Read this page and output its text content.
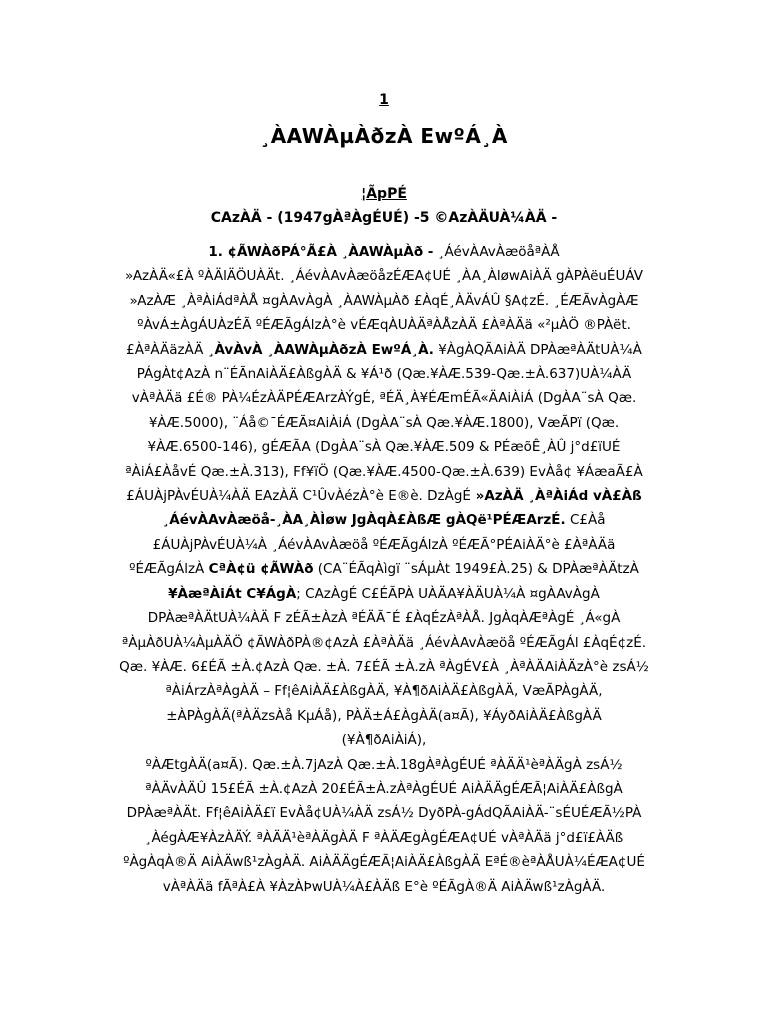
1
¸ÀAWÀµÀðzÀ EwºÁ¸À
¦ÃpPÉ
CAzÀÄ - (1947gÀªÀgÉUÉ) -5 ©AzÀÄUÀ¼ÀÄ -
1. ¢ÃWÀðPÁ°Ã£À ¸ÀAWÀµÀð - ¸ÁévÀAvÀæöåªÀÅ
»AzÀÄ«£À ºÀÄlÄÖUÀÄt. ¸ÁévÀAvÀæöåzÉÆA¢UÉ ¸ÀA¸ÀløwAiÀÄ gÀPÀëuÉUÁV
»AzÀÆ ¸ÀªÀiÁdªÀÅ ¤gÀAvÀgÀ ¸ÀAWÀµÀð £ÀqÉ¸ÀÄvÁÛ §A¢zÉ. ¸ÉÆÃvÀgÀÆ
ºÀvÁ±ÀgÁUÀzÉÃ ºÉÆÃgÁlzÀ°è vÉÆqÀUÀÄªÀÅzÀÄ £ÀªÀÄä «²µÀÖ ®PÀët.
£ÀªÀÄäzÀÄ ¸ÀvÀvÀ ¸ÀAWÀµÀðzÀ EwºÁ¸À. ¥ÀgÀQÃAiÀÄ DPÀæªÀÄtUÀ¼À
PÁgÀt¢AzÀ n¨ÉÃnAiÀÄ£ÀßgÀÄ & ¥Á¹ð (Qæ.¥ÀÆ.539-Qæ.±À.637)UÀ¼ÀÄ
vÀªÀÄä £É® PÀ¼ÉzÀÄPÉÆArzÀÝgÉ, ªÉÄ¸À¥ÉÆmÉÃ«ÄAiÀiÁ (DgÀA¨sÀ Qæ.
¥ÀÆ.5000), ¨Áå©¯ÉÆÃ¤AiÀiÁ (DgÀA¨sÀ Qæ.¥ÀÆ.1800), VæÃPï (Qæ.
¥ÀÆ.6500-146), gÉÆÃA (DgÀA¨sÀ Qæ.¥ÀÆ.509 & PÉæõÊ¸ÀÛ j°d£ïUÉ
ªÀiÁ£ÀåvÉ Qæ.±À.313), Ff¥ïÖ (Qæ.¥ÀÆ.4500-Qæ.±À.639) EvÀå¢ ¥ÁæaÃ£À
£ÁUÀjPÀvÉUÀ¼ÀÄ EAzÀÄ C¹ÛvÀézÀ°è E®è. DzÀgÉ »AzÀÄ ¸ÀªÀiÁd vÀ£Àß
¸ÁévÀAvÀæöå-¸ÀA¸ÀÌøw JgÀqÀ£ÀßÆ gÀQë¹PÉÆArzÉ. C£Àå
£ÁUÀjPÀvÉUÀ¼À ¸ÁévÀAvÀæöå ºÉÆÃgÁlzÀ ºÉÆÃ°PÉAiÀÄ°è £ÀªÀÄä
ºÉÆÃgÁlzÀ CªÀ¢ü ¢ÃWÀð (CA¨ÉÃqÀìgï ¨sÁµÀt 1949£À.25) & DPÀæªÀÄtzÀ
¥ÀæªÀiÁt C¥ÁgÀ; CAzÀgÉ C£ÉÃPÀ UÀÄA¥ÀÄUÀ¼À ¤gÀAvÀgÀ
DPÀæªÀÄtUÀ¼ÀÄ F zÉÃ±ÀzÀ ªÉÄÃ¯É £ÀqÉzÀªÀÅ. JgÀqÀÆªÀgÉ ¸Á«gÀ
ªÀµÀðUÀ¼ÀµÀÄÖ ¢ÃWÀðPÀ®¢AzÀ £ÀªÀÄä ¸ÁévÀAvÀæöå ºÉÆÃgÁl £ÀqÉ¢zÉ.
Qæ. ¥ÀÆ. 6£ÉÃ ±À.¢AzÀ Qæ. ±À. 7£ÉÃ ±À.zÀ ªÀgÉV£À ¸ÀªÀÄAiÀÄzÀ°è zsÁ½
ªÀiÁrzÀªÀgÀÄ – Ff¦êAiÀÄ£ÀßgÀÄ, ¥À¶ðAiÀÄ£ÀßgÀÄ, VæÃPÀgÀÄ,
±ÀPÀgÀÄ(ªÀÄzsÀå KµÁå), PÀÄ±Á£ÀgÀÄ(a¤Ã), ¥ÁyðAiÀÄ£ÀßgÀÄ
(¥À¶ðAiÀiÁ),
ºÀÆtgÀÄ(a¤Ã). Qæ.±À.7jAzÀ Qæ.±À.18gÀªÀgÉUÉ ªÀÄÄ¹èªÀÄgÀ zsÁ½
ªÀÄvÀÄÛ 15£ÉÃ ±À.¢AzÀ 20£ÉÃ±À.zÀªÀgÉUÉ AiÀÄÄgÉÆÃ¦AiÀÄ£ÀßgÀ
DPÀæªÀÄt. Ff¦êAiÀÄ£ï EvÀå¢UÀ¼ÀÄ zsÁ½ DyðPÀ-gÁdQÃAiÀÄ-¨sÉUÉÆÃ½PÀ
¸ÀégÀÆ¥ÀzÀÄÝ. ªÀÄÄ¹èªÀÄgÀÄ F ªÀÄÆgÀgÉÆA¢UÉ vÀªÀÄä j°d£ï£ÀÄß
ºÀgÀqÀ®Ä AiÀÄwß¹zÀgÀÄ. AiÀÄÄgÉÆÃ¦AiÀÄ£ÀßgÀÄ EªÉ®èªÀÅUÀ¼ÉÆA¢UÉ
vÀªÀÄä fÃªÀ£À ¥ÀzÀÞwUÀ¼À£ÀÄß E°è ºÉÃgÀ®Ä AiÀÄwß¹zÀgÀÄ.
